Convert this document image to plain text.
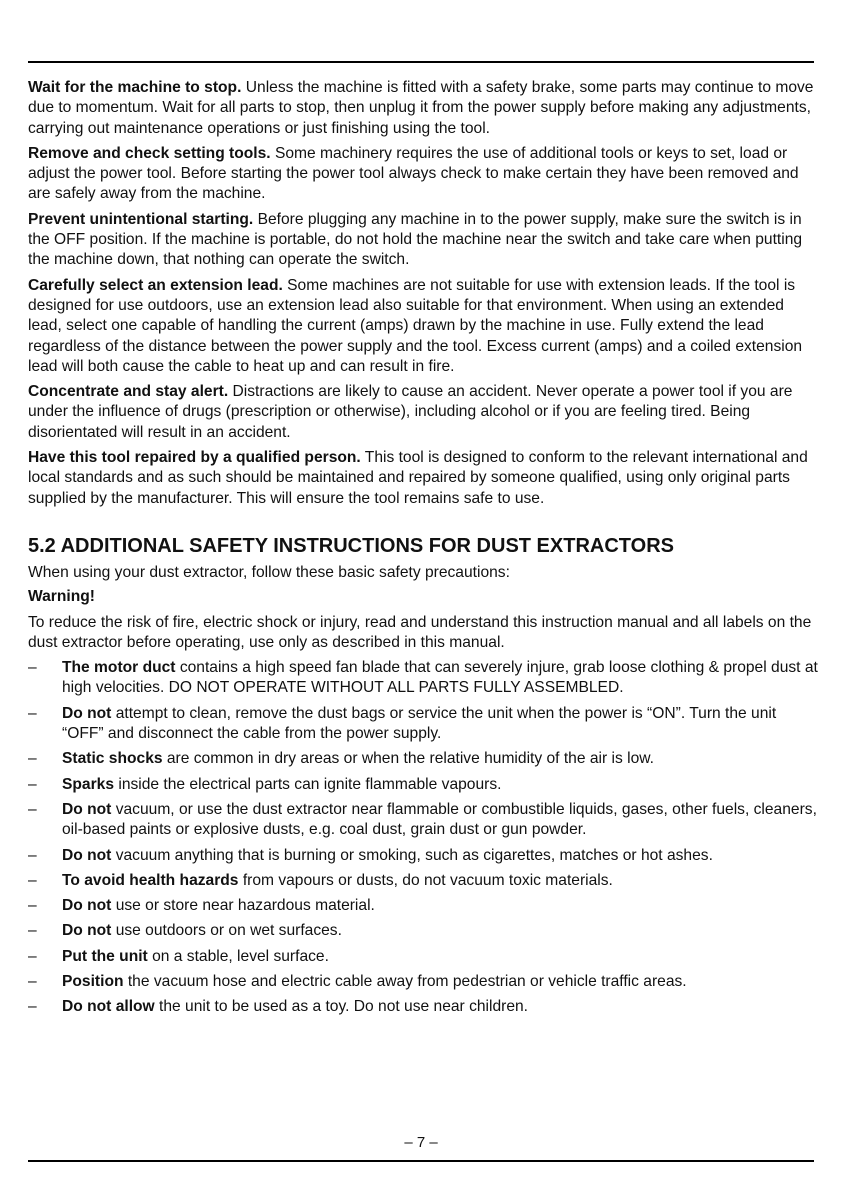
Wait for the machine to stop. Unless the machine is fitted with a safety brake, some parts may continue to move due to momentum. Wait for all parts to stop, then unplug it from the power supply before making any adjustments, carrying out maintenance operations or just finishing using the tool.

Remove and check setting tools. Some machinery requires the use of additional tools or keys to set, load or adjust the power tool. Before starting the power tool always check to make certain they have been removed and are safely away from the machine.

Prevent unintentional starting. Before plugging any machine in to the power supply, make sure the switch is in the OFF position. If the machine is portable, do not hold the machine near the switch and take care when putting the machine down, that nothing can operate the switch.

Carefully select an extension lead. Some machines are not suitable for use with extension leads. If the tool is designed for use outdoors, use an extension lead also suitable for that environment. When using an extended lead, select one capable of handling the current (amps) drawn by the machine in use. Fully extend the lead regardless of the distance between the power supply and the tool. Excess current (amps) and a coiled extension lead will both cause the cable to heat up and can result in fire.

Concentrate and stay alert. Distractions are likely to cause an accident. Never operate a power tool if you are under the influence of drugs (prescription or otherwise), including alcohol or if you are feeling tired. Being disorientated will result in an accident.

Have this tool repaired by a qualified person. This tool is designed to conform to the relevant international and local standards and as such should be maintained and repaired by someone qualified, using only original parts supplied by the manufacturer. This will ensure the tool remains safe to use.

5.2 ADDITIONAL SAFETY INSTRUCTIONS FOR DUST EXTRACTORS

When using your dust extractor, follow these basic safety precautions:

Warning!

To reduce the risk of fire, electric shock or injury, read and understand this instruction manual and all labels on the dust extractor before operating, use only as described in this manual.

– The motor duct contains a high speed fan blade that can severely injure, grab loose clothing & propel dust at high velocities. DO NOT OPERATE WITHOUT ALL PARTS FULLY ASSEMBLED.
– Do not attempt to clean, remove the dust bags or service the unit when the power is “ON”. Turn the unit “OFF” and disconnect the cable from the power supply.
– Static shocks are common in dry areas or when the relative humidity of the air is low.
– Sparks inside the electrical parts can ignite flammable vapours.
– Do not vacuum, or use the dust extractor near flammable or combustible liquids, gases, other fuels, cleaners, oil-based paints or explosive dusts, e.g. coal dust, grain dust or gun powder.
– Do not vacuum anything that is burning or smoking, such as cigarettes, matches or hot ashes.
– To avoid health hazards from vapours or dusts, do not vacuum toxic materials.
– Do not use or store near hazardous material.
– Do not use outdoors or on wet surfaces.
– Put the unit on a stable, level surface.
– Position the vacuum hose and electric cable away from pedestrian or vehicle traffic areas.
– Do not allow the unit to be used as a toy. Do not use near children.
– 7 –
